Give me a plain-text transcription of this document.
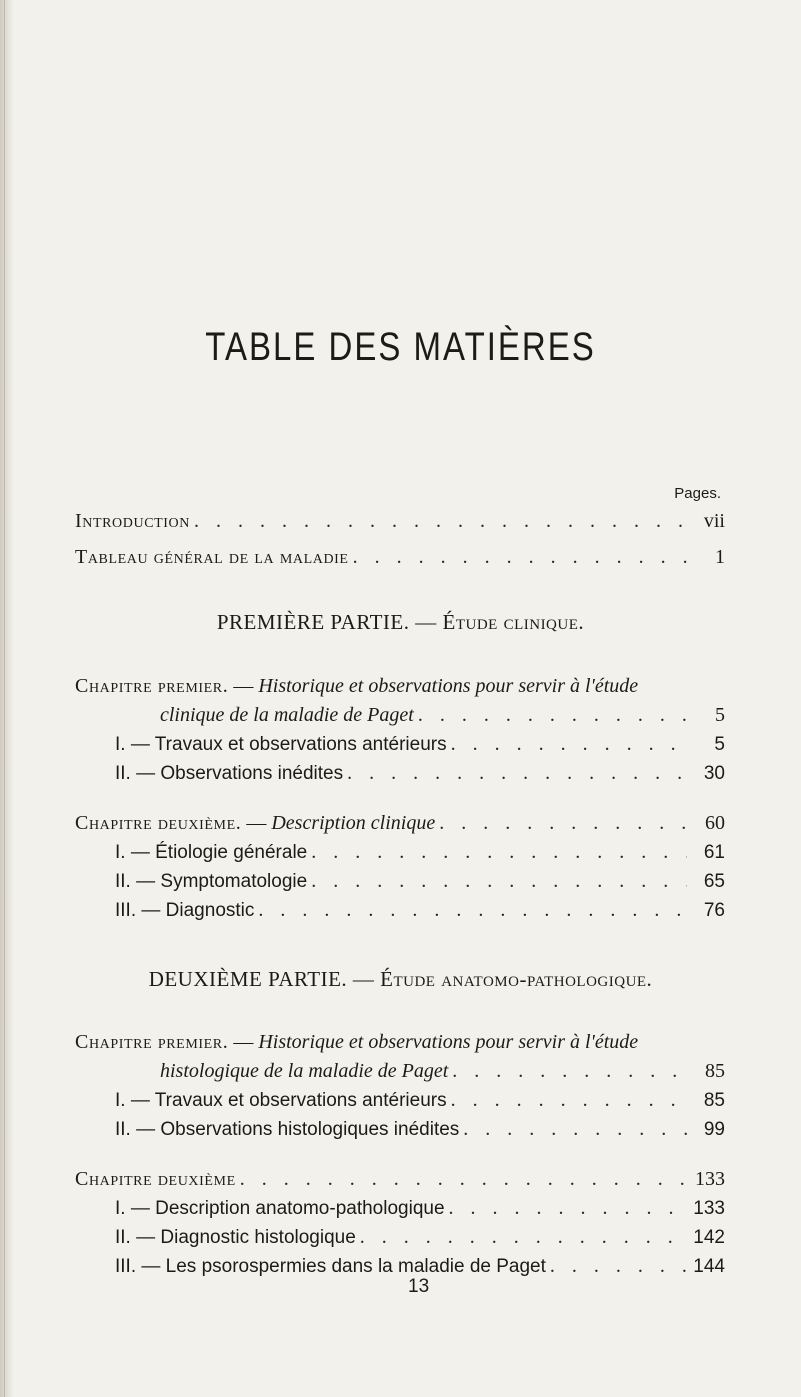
TABLE DES MATIÈRES
Pages.
Introduction . . .	vii
Tableau général de la maladie . . .	1
PREMIÈRE PARTIE. — Étude clinique.
Chapitre premier. — Historique et observations pour servir à l'étude
clinique de la maladie de Paget . . .	5
I. — Travaux et observations antérieurs . . .	5
II. — Observations inédites . . .	30
Chapitre deuxième. — Description clinique . . .	60
I. — Étiologie générale . . .	61
II. — Symptomatologie . . .	65
III. — Diagnostic . . .	76
DEUXIÈME PARTIE. — Étude anatomo-pathologique.
Chapitre premier. — Historique et observations pour servir à l'étude
histologique de la maladie de Paget . . .	85
I. — Travaux et observations antérieurs . . .	85
II. — Observations histologiques inédites . . .	99
Chapitre deuxième . . .	133
I. — Description anatomo-pathologique . . .	133
II. — Diagnostic histologique . . .	142
III. — Les psorospermies dans la maladie de Paget . . .	144
13
